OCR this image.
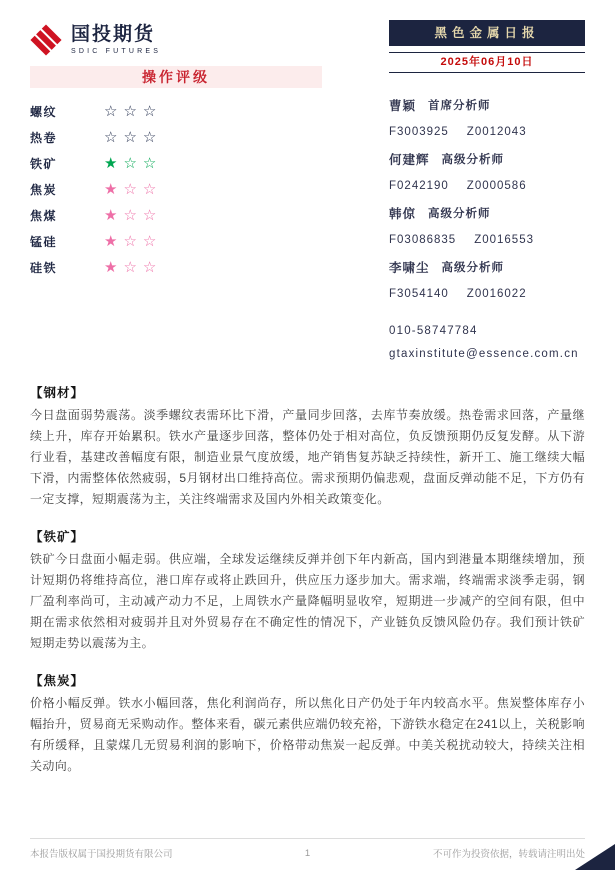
国投期货
SDIC FUTURES
操作评级
螺纹	☆☆☆
热卷	☆☆☆
铁矿	★☆☆
焦炭	★☆☆
焦煤	★☆☆
锰硅	★☆☆
硅铁	★☆☆
黑色金属日报
2025年06月10日
曹颖 首席分析师
F3003925 Z0012043
何建辉 高级分析师
F0242190 Z0000586
韩倞 高级分析师
F03086835 Z0016553
李啸尘 高级分析师
F3054140 Z0016022
010-58747784
gtaxinstitute@essence.com.cn
【钢材】
今日盘面弱势震荡。淡季螺纹表需环比下滑，产量同步回落，去库节奏放缓。热卷需求回落，产量继续上升，库存开始累积。铁水产量逐步回落，整体仍处于相对高位，负反馈预期仍反复发酵。从下游行业看，基建改善幅度有限，制造业景气度放缓，地产销售复苏缺乏持续性，新开工、施工继续大幅下滑，内需整体依然疲弱，5月钢材出口维持高位。需求预期仍偏悲观，盘面反弹动能不足，下方仍有一定支撑，短期震荡为主，关注终端需求及国内外相关政策变化。
【铁矿】
铁矿今日盘面小幅走弱。供应端，全球发运继续反弹并创下年内新高，国内到港量本期继续增加，预计短期仍将维持高位，港口库存或将止跌回升，供应压力逐步加大。需求端，终端需求淡季走弱，钢厂盈利率尚可，主动减产动力不足，上周铁水产量降幅明显收窄，短期进一步减产的空间有限，但中期在需求依然相对疲弱并且对外贸易存在不确定性的情况下，产业链负反馈风险仍存。我们预计铁矿短期走势以震荡为主。
【焦炭】
价格小幅反弹。铁水小幅回落，焦化利润尚存，所以焦化日产仍处于年内较高水平。焦炭整体库存小幅抬升，贸易商无采购动作。整体来看，碳元素供应端仍较充裕，下游铁水稳定在241以上，关税影响有所缓释，且蒙煤几无贸易利润的影响下，价格带动焦炭一起反弹。中美关税扰动较大，持续关注相关动向。
本报告版权属于国投期货有限公司	1	不可作为投资依据，转载请注明出处
